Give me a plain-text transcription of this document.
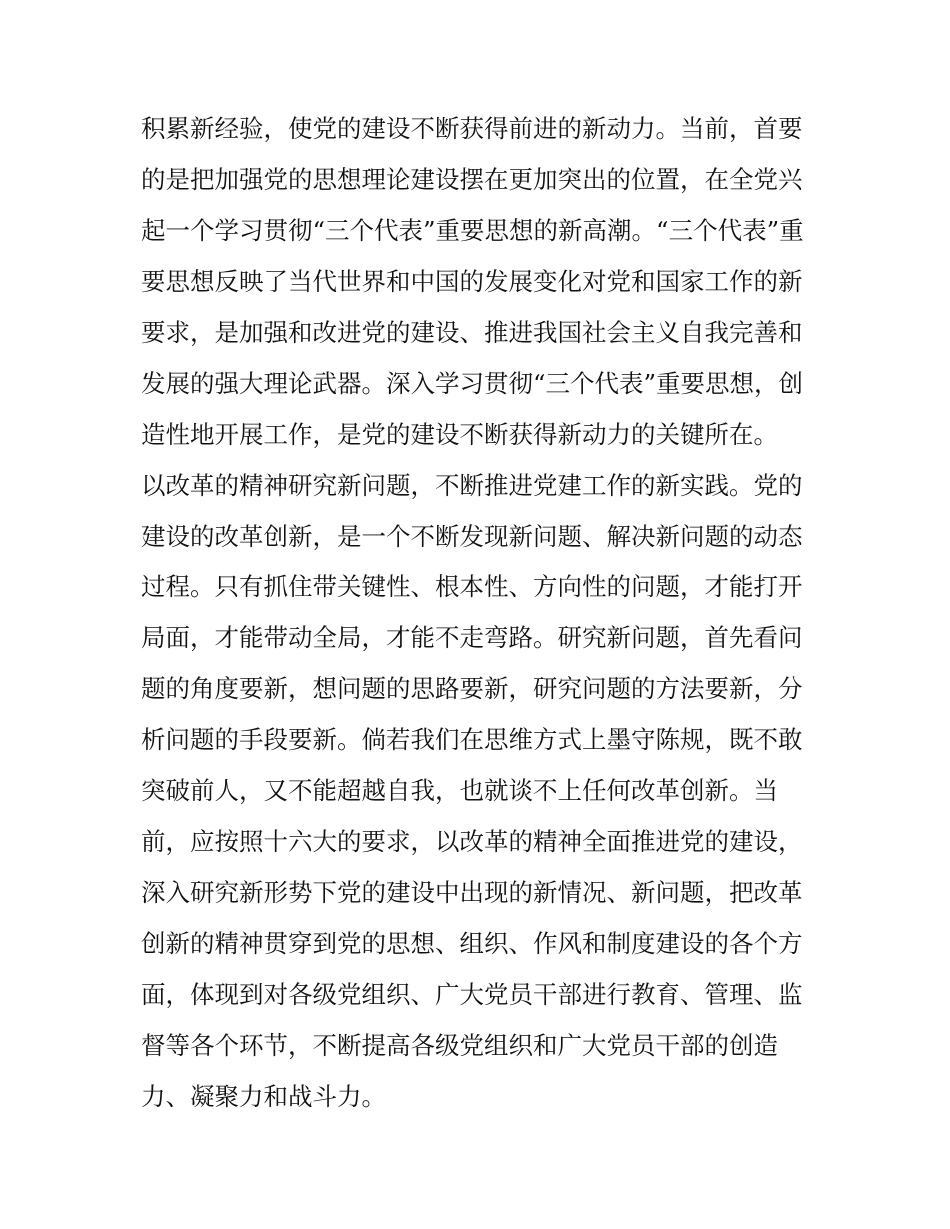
积累新经验，使党的建设不断获得前进的新动力。当前，首要
的是把加强党的思想理论建设摆在更加突出的位置，在全党兴
起一个学习贯彻“三个代表”重要思想的新高潮。“三个代表”重
要思想反映了当代世界和中国的发展变化对党和国家工作的新
要求，是加强和改进党的建设、推进我国社会主义自我完善和
发展的强大理论武器。深入学习贯彻“三个代表”重要思想，创
造性地开展工作，是党的建设不断获得新动力的关键所在。
以改革的精神研究新问题，不断推进党建工作的新实践。党的
建设的改革创新，是一个不断发现新问题、解决新问题的动态
过程。只有抓住带关键性、根本性、方向性的问题，才能打开
局面，才能带动全局，才能不走弯路。研究新问题，首先看问
题的角度要新，想问题的思路要新，研究问题的方法要新，分
析问题的手段要新。倘若我们在思维方式上墨守陈规，既不敢
突破前人，又不能超越自我，也就谈不上任何改革创新。当
前，应按照十六大的要求，以改革的精神全面推进党的建设，
深入研究新形势下党的建设中出现的新情况、新问题，把改革
创新的精神贯穿到党的思想、组织、作风和制度建设的各个方
面，体现到对各级党组织、广大党员干部进行教育、管理、监
督等各个环节，不断提高各级党组织和广大党员干部的创造
力、凝聚力和战斗力。
